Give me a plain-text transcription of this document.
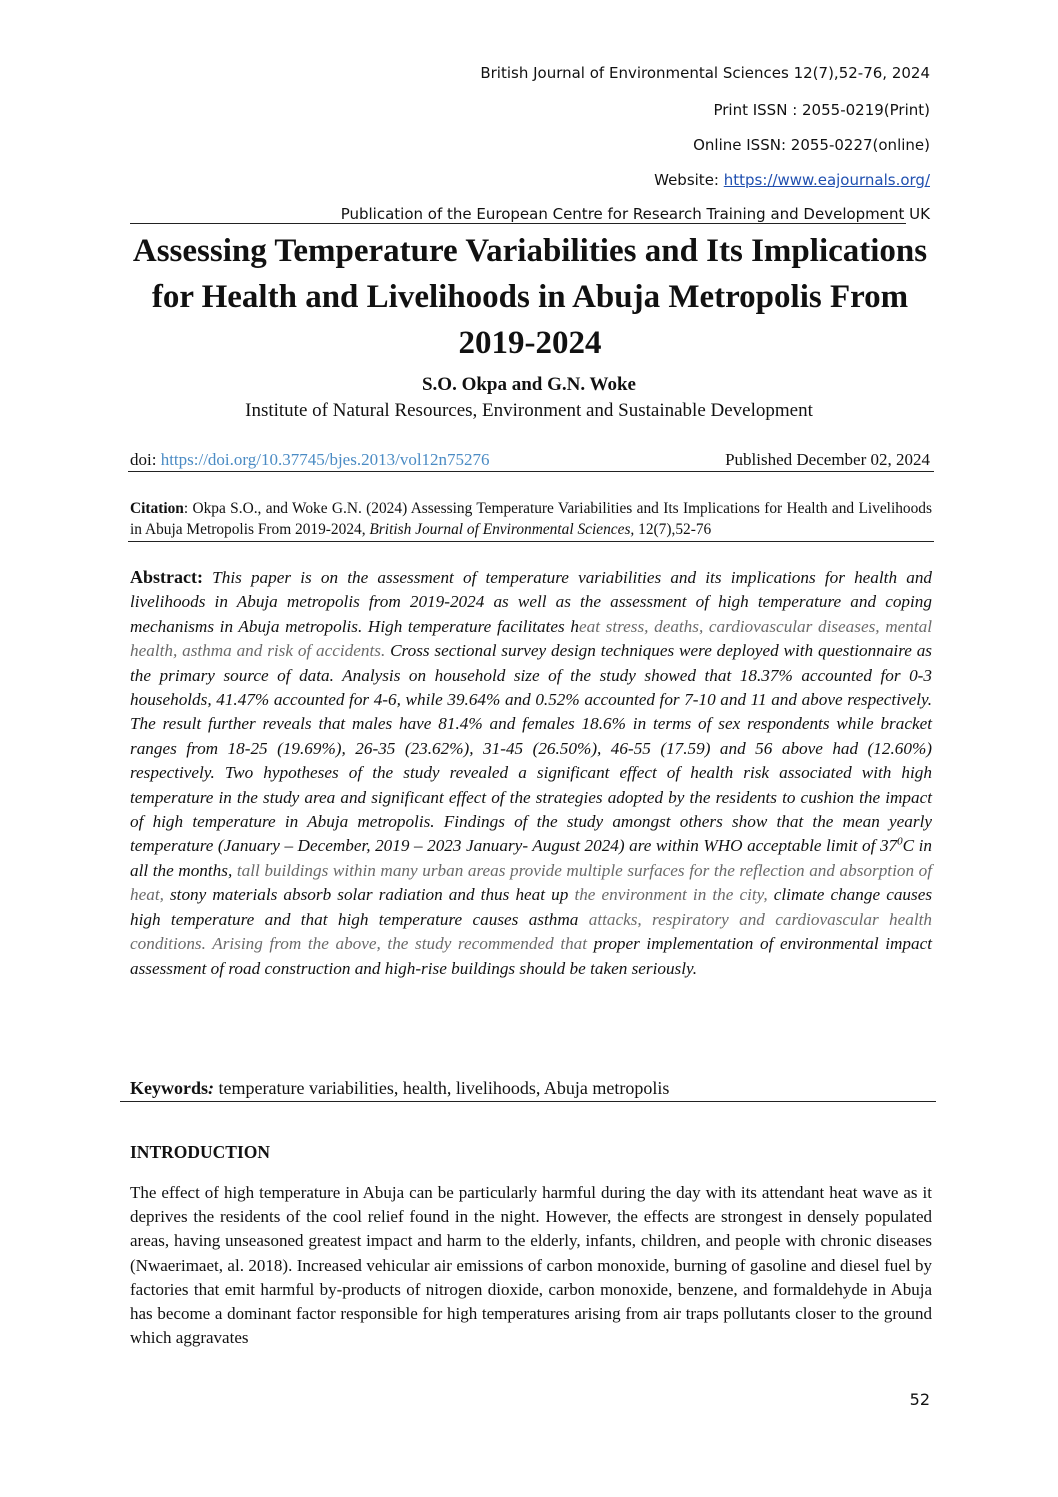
British Journal of Environmental Sciences 12(7),52-76, 2024
Print ISSN : 2055-0219(Print)
Online ISSN: 2055-0227(online)
Website: https://www.eajournals.org/
Publication of the European Centre for Research Training and Development UK
Assessing Temperature Variabilities and Its Implications for Health and Livelihoods in Abuja Metropolis From 2019-2024
S.O. Okpa and G.N. Woke
Institute of Natural Resources, Environment and Sustainable Development
doi: https://doi.org/10.37745/bjes.2013/vol12n75276	Published December 02, 2024
Citation: Okpa S.O., and Woke G.N. (2024) Assessing Temperature Variabilities and Its Implications for Health and Livelihoods in Abuja Metropolis From 2019-2024, British Journal of Environmental Sciences, 12(7),52-76
Abstract: This paper is on the assessment of temperature variabilities and its implications for health and livelihoods in Abuja metropolis from 2019-2024 as well as the assessment of high temperature and coping mechanisms in Abuja metropolis. High temperature facilitates heat stress, deaths, cardiovascular diseases, mental health, asthma and risk of accidents. Cross sectional survey design techniques were deployed with questionnaire as the primary source of data. Analysis on household size of the study showed that 18.37% accounted for 0-3 households, 41.47% accounted for 4-6, while 39.64% and 0.52% accounted for 7-10 and 11 and above respectively. The result further reveals that males have 81.4% and females 18.6% in terms of sex respondents while bracket ranges from 18-25 (19.69%), 26-35 (23.62%), 31-45 (26.50%), 46-55 (17.59) and 56 above had (12.60%) respectively. Two hypotheses of the study revealed a significant effect of health risk associated with high temperature in the study area and significant effect of the strategies adopted by the residents to cushion the impact of high temperature in Abuja metropolis. Findings of the study amongst others show that the mean yearly temperature (January – December, 2019 – 2023 January- August 2024) are within WHO acceptable limit of $37^0C$ in all the months, tall buildings within many urban areas provide multiple surfaces for the reflection and absorption of heat, stony materials absorb solar radiation and thus heat up the environment in the city, climate change causes high temperature and that high temperature causes asthma attacks, respiratory and cardiovascular health conditions. Arising from the above, the study recommended that proper implementation of environmental impact assessment of road construction and high-rise buildings should be taken seriously.
Keywords: temperature variabilities, health, livelihoods, Abuja metropolis
INTRODUCTION
The effect of high temperature in Abuja can be particularly harmful during the day with its attendant heat wave as it deprives the residents of the cool relief found in the night. However, the effects are strongest in densely populated areas, having unseasoned greatest impact and harm to the elderly, infants, children, and people with chronic diseases (Nwaerimaet, al. 2018). Increased vehicular air emissions of carbon monoxide, burning of gasoline and diesel fuel by factories that emit harmful by-products of nitrogen dioxide, carbon monoxide, benzene, and formaldehyde in Abuja has become a dominant factor responsible for high temperatures arising from air traps pollutants closer to the ground which aggravates
52
